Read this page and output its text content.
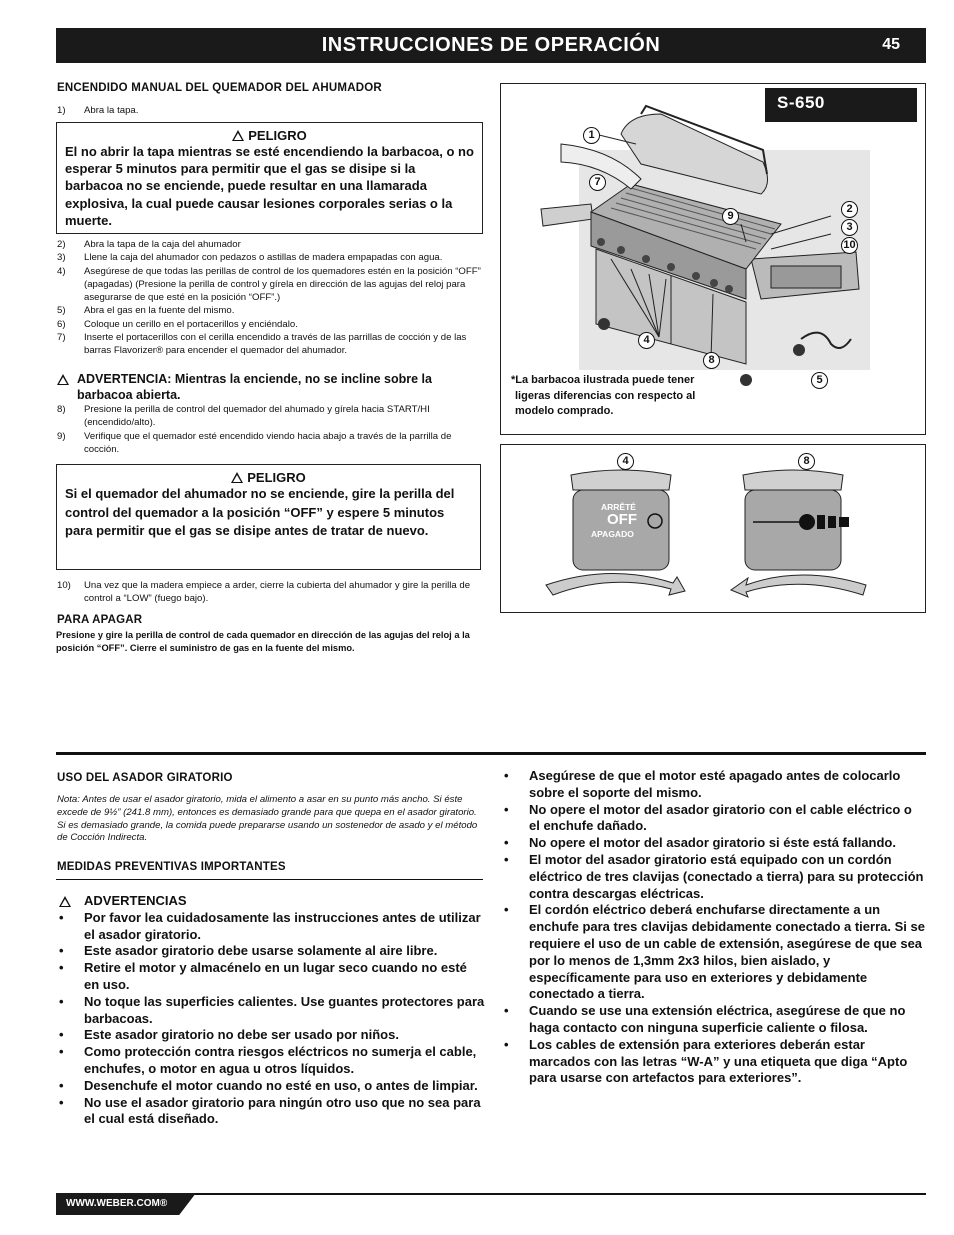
INSTRUCCIONES DE OPERACIÓN	45
ENCENDIDO MANUAL DEL QUEMADOR DEL AHUMADOR
1) Abra la tapa.
PELIGRO
El no abrir la tapa mientras se esté encendiendo la barbacoa, o no esperar 5 minutos para permitir que el gas se disipe si la barbacoa no se enciende, puede resultar en una llamarada explosiva, la cual puede causar lesiones corporales serias o la muerte.
2) Abra la tapa de la caja del ahumador
3) Llene la caja del ahumador con pedazos o astillas de madera empapadas con agua.
4) Asegúrese de que todas las perillas de control de los quemadores estén en la posición “OFF” (apagadas) (Presione la perilla de control y gírela en dirección de las agujas del reloj para asegurarse de que esté en la posición “OFF”.)
5) Abra el gas en la fuente del mismo.
6) Coloque un cerillo en el portacerillos y enciéndalo.
7) Inserte el portacerillos con el cerilla encendido a través de las parrillas de cocción y de las barras Flavorizer® para encender el quemador del ahumador.
ADVERTENCIA: Mientras la enciende, no se incline sobre la barbacoa abierta.
8) Presione la perilla de control del quemador del ahumado y gírela hacia START/HI (encendido/alto).
9) Verifique que el quemador esté encendido viendo hacia abajo a través de la parrilla de cocción.
PELIGRO
Si el quemador del ahumador no se enciende, gire la perilla del control del quemador a la posición “OFF” y espere 5 minutos para permitir que el gas se disipe antes de tratar de nuevo.
10) Una vez que la madera empiece a arder, cierre la cubierta del ahumador y gire la perilla de control a “LOW” (fuego bajo).
PARA APAGAR
Presione y gire la perilla de control de cada quemador en dirección de las agujas del reloj a la posición “OFF”. Cierre el suministro de gas en la fuente del mismo.
S-650
1
7
9
2
3
10
4
8
5
*La barbacoa ilustrada puede tener ligeras diferencias con respecto al modelo comprado.
4	8
ARRÊTÉ
OFF
APAGADO
USO DEL ASADOR GIRATORIO
Nota: Antes de usar el asador giratorio, mida el alimento a asar en su punto más ancho. Si éste excede de 9½” (241.8 mm), entonces es demasiado grande para que quepa en el asador giratorio. Si es demasiado grande, la comida puede prepararse usando un sostenedor de asado y el método de Cocción Indirecta.
MEDIDAS PREVENTIVAS IMPORTANTES
ADVERTENCIAS
• Por favor lea cuidadosamente las instrucciones antes de utilizar el asador giratorio.
• Este asador giratorio debe usarse solamente al aire libre.
• Retire el motor y almacénelo en un lugar seco cuando no esté en uso.
• No toque las superficies calientes. Use guantes protectores para barbacoas.
• Este asador giratorio no debe ser usado por niños.
• Como protección contra riesgos eléctricos no sumerja el cable, enchufes, o motor en agua u otros líquidos.
• Desenchufe el motor cuando no esté en uso, o antes de limpiar.
• No use el asador giratorio para ningún otro uso que no sea para el cual está diseñado.
• Asegúrese de que el motor esté apagado antes de colocarlo sobre el soporte del mismo.
• No opere el motor del asador giratorio con el cable eléctrico o el enchufe dañado.
• No opere el motor del asador giratorio si éste está fallando.
• El motor del asador giratorio está equipado con un cordón eléctrico de tres clavijas (conectado a tierra) para su protección contra descargas eléctricas.
• El cordón eléctrico deberá enchufarse directamente a un enchufe para tres clavijas debidamente conectado a tierra. Si se requiere el uso de un cable de extensión, asegúrese de que sea por lo menos de 1,3mm 2x3 hilos, bien aislado, y específicamente para uso en exteriores y debidamente conectado a tierra.
• Cuando se use una extensión eléctrica, asegúrese de que no haga contacto con ninguna superficie caliente o filosa.
• Los cables de extensión para exteriores deberán estar marcados con las letras “W-A” y una etiqueta que diga “Apto para usarse con artefactos para exteriores”.
WWW.WEBER.COM®
